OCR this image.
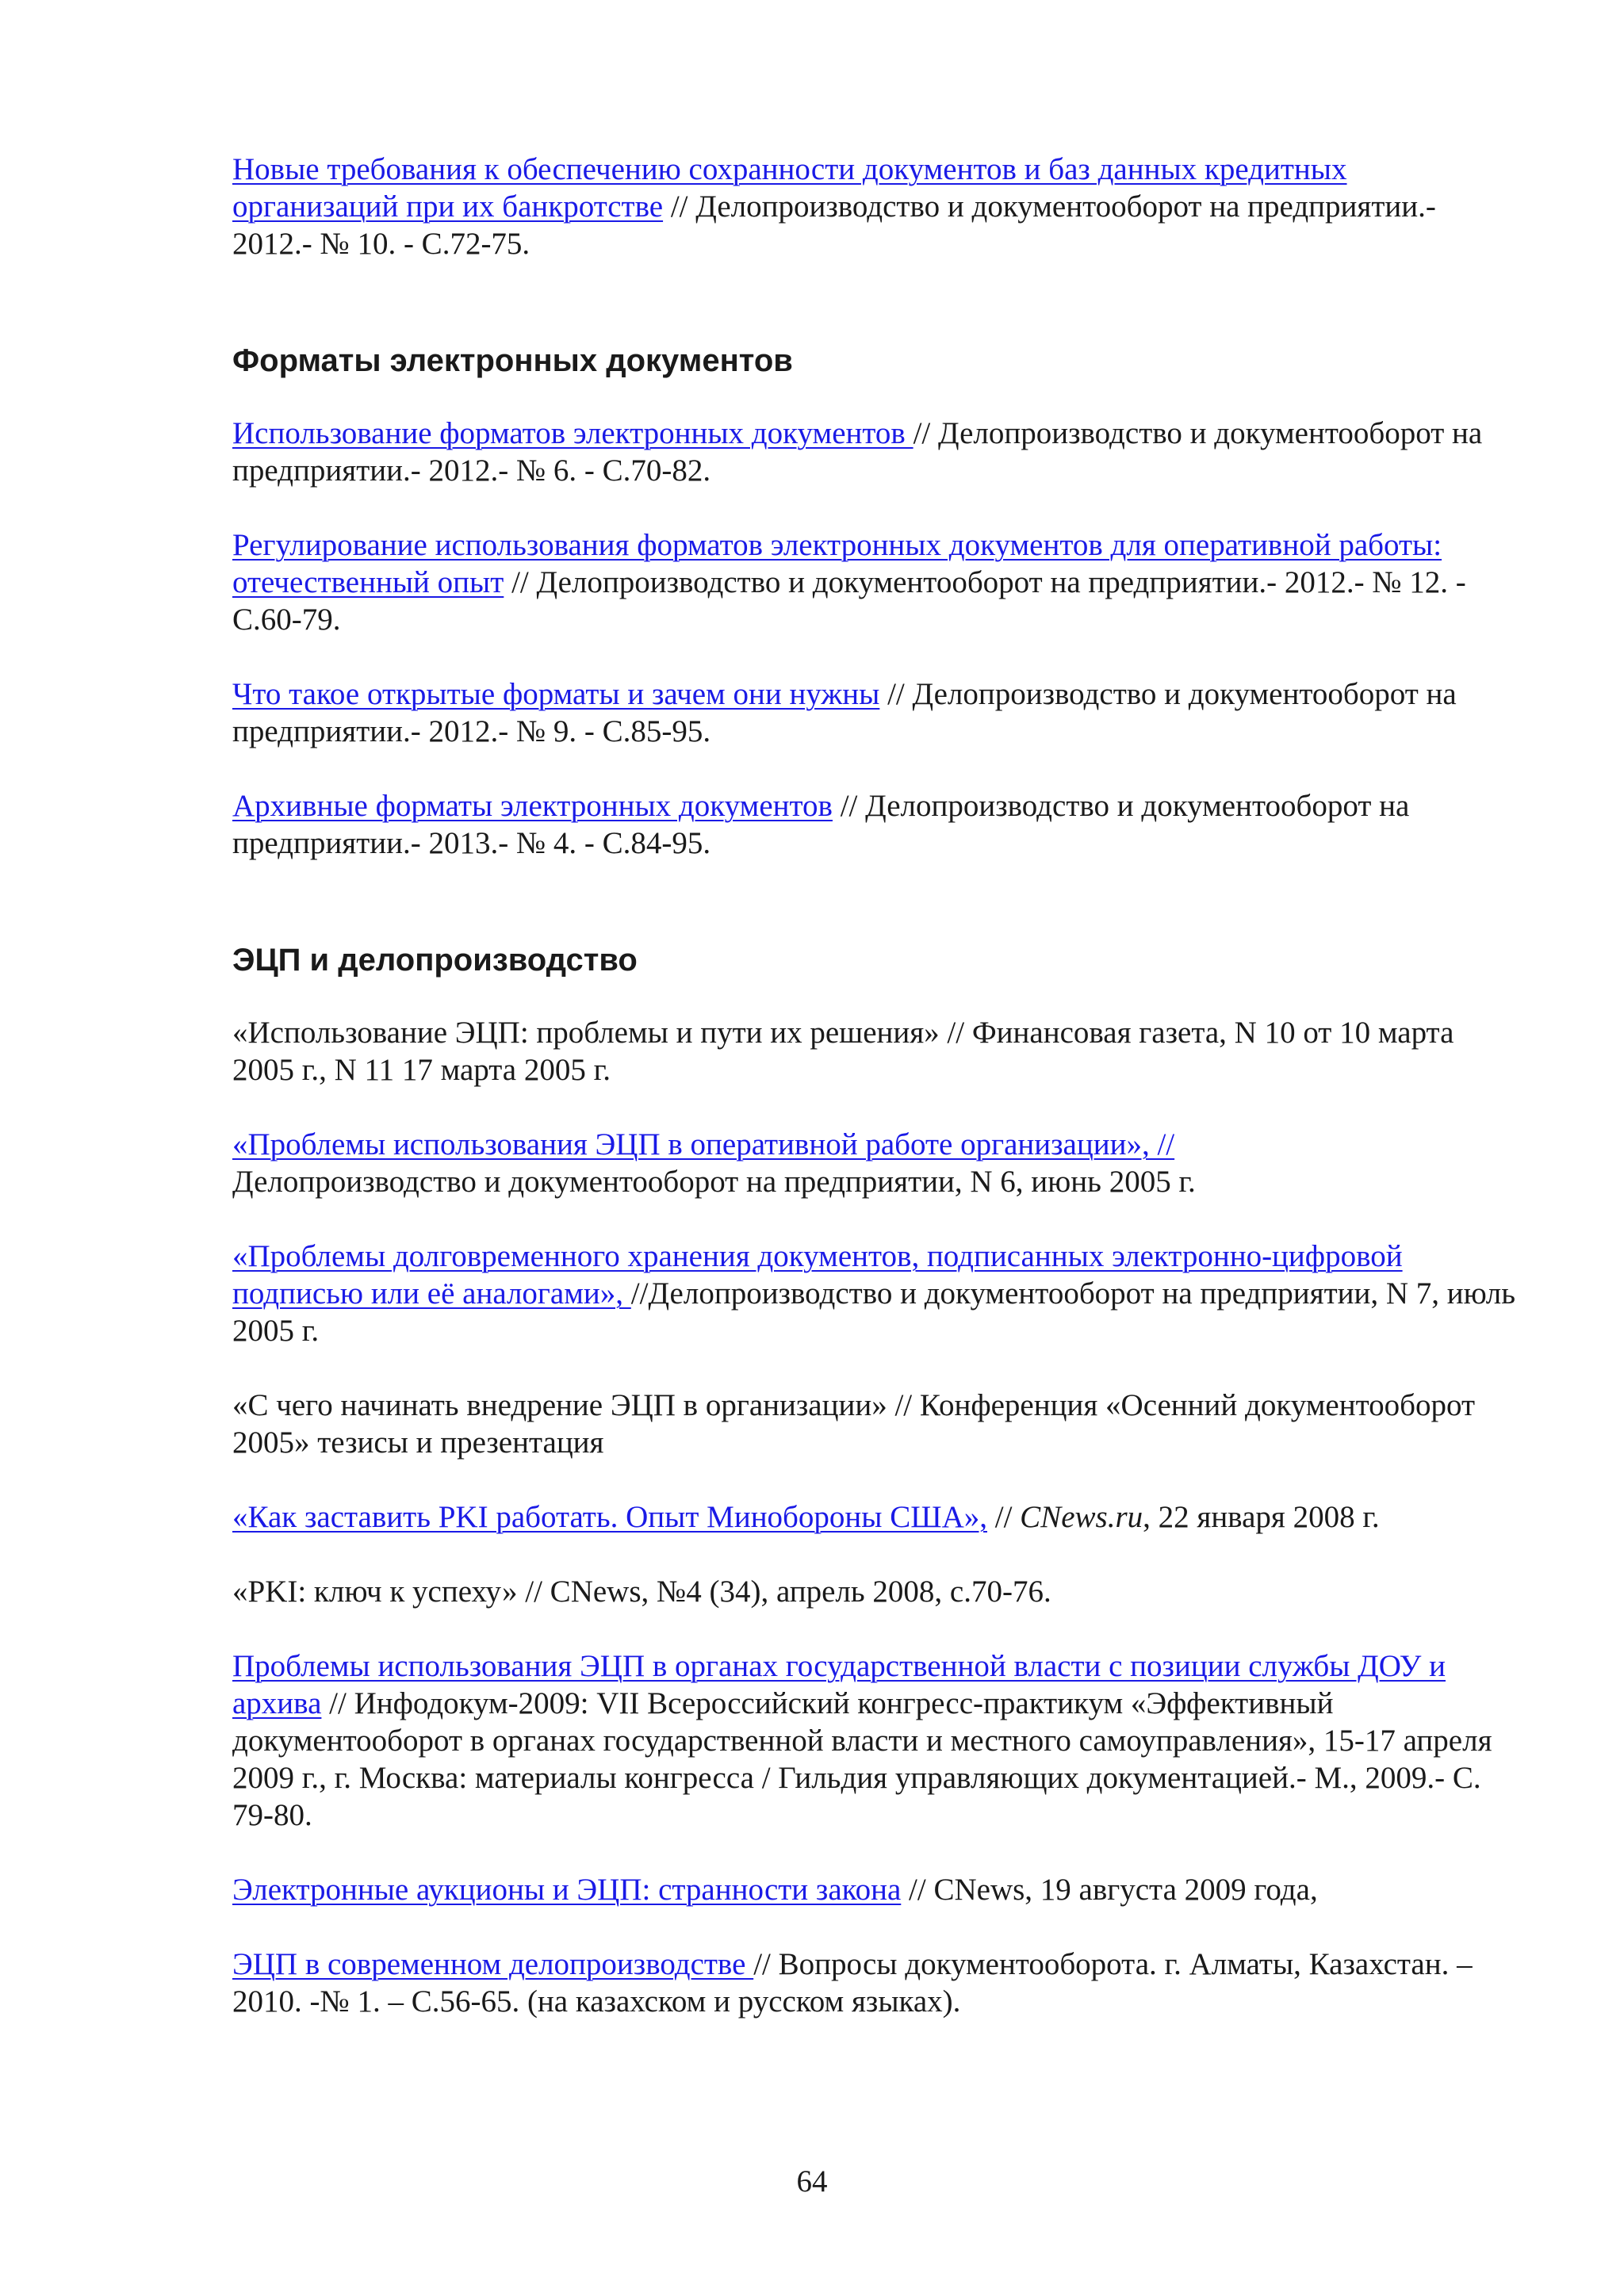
Новые требования к обеспечению сохранности документов и баз данных кредитных организаций при их банкротстве // Делопроизводство и документооборот на предприятии.- 2012.- № 10. - С.72-75.

Форматы электронных документов

Использование форматов электронных документов // Делопроизводство и документооборот на предприятии.- 2012.- № 6. - С.70-82.

Регулирование использования форматов электронных документов для оперативной работы: отечественный опыт // Делопроизводство и документооборот на предприятии.- 2012.- № 12. - С.60-79.

Что такое открытые форматы и зачем они нужны // Делопроизводство и документооборот на предприятии.- 2012.- № 9. - С.85-95.

Архивные форматы электронных документов // Делопроизводство и документооборот на предприятии.- 2013.- № 4. - С.84-95.

ЭЦП и делопроизводство

«Использование ЭЦП: проблемы и пути их решения» // Финансовая газета, N 10 от 10 марта 2005 г., N 11 17 марта 2005 г.

«Проблемы использования ЭЦП в оперативной работе организации», //
Делопроизводство и документооборот на предприятии, N 6, июнь 2005 г.

«Проблемы долговременного хранения документов, подписанных электронно-цифровой подписью или её аналогами», //Делопроизводство и документооборот на предприятии, N 7, июль 2005 г.

«С чего начинать внедрение ЭЦП в организации» // Конференция «Осенний документооборот 2005» тезисы и презентация

«Как заставить PKI работать. Опыт Минобороны США», // CNews.ru, 22 января 2008 г.

«PKI: ключ к успеху» // CNews, №4 (34), апрель 2008, с.70-76.

Проблемы использования ЭЦП в органах государственной власти с позиции службы ДОУ и архива // Инфодокум-2009: VII Всероссийский конгресс-практикум «Эффективный документооборот в органах государственной власти и местного самоуправления», 15-17 апреля 2009 г., г. Москва: материалы конгресса / Гильдия управляющих документацией.- М., 2009.- С. 79-80.

Электронные аукционы и ЭЦП: странности закона // CNews, 19 августа 2009 года,

ЭЦП в современном делопроизводстве // Вопросы документооборота. г. Алматы, Казахстан. – 2010. -№ 1. – С.56-65. (на казахском и русском языках).

64
